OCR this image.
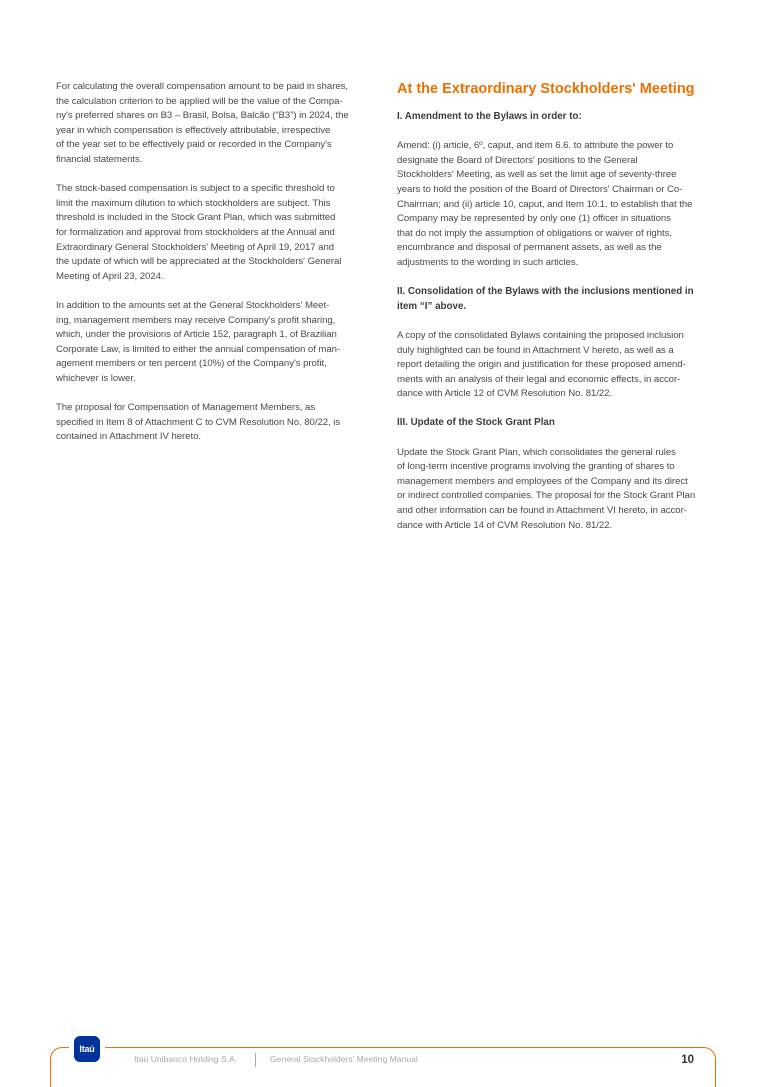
For calculating the overall compensation amount to be paid in shares,
the calculation criterion to be applied will be the value of the Compa-
ny's preferred shares on B3 – Brasil, Bolsa, Balcão (“B3”) in 2024, the
year in which compensation is effectively attributable, irrespective
of the year set to be effectively paid or recorded in the Company's
financial statements.

The stock-based compensation is subject to a specific threshold to
limit the maximum dilution to which stockholders are subject. This
threshold is included in the Stock Grant Plan, which was submitted
for formalization and approval from stockholders at the Annual and
Extraordinary General Stockholders' Meeting of April 19, 2017 and
the update of which will be appreciated at the Stockholders' General
Meeting of April 23, 2024.

In addition to the amounts set at the General Stockholders' Meet-
ing, management members may receive Company's profit sharing,
which, under the provisions of Article 152, paragraph 1, of Brazilian
Corporate Law, is limited to either the annual compensation of man-
agement members or ten percent (10%) of the Company's profit,
whichever is lower.

The proposal for Compensation of Management Members, as
specified in Item 8 of Attachment C to CVM Resolution No. 80/22, is
contained in Attachment IV hereto.

At the Extraordinary Stockholders' Meeting

I. Amendment to the Bylaws in order to:

Amend: (i) article, 6º, caput, and item 6.6. to attribute the power to
designate the Board of Directors' positions to the General
Stockholders' Meeting, as well as set the limit age of seventy-three
years to hold the position of the Board of Directors' Chairman or Co-
Chairman; and (ii) article 10, caput, and Item 10.1. to establish that the
Company may be represented by only one (1) officer in situations
that do not imply the assumption of obligations or waiver of rights,
encumbrance and disposal of permanent assets, as well as the
adjustments to the wording in such articles.

II. Consolidation of the Bylaws with the inclusions mentioned in
item “I” above.

A copy of the consolidated Bylaws containing the proposed inclusion
duly highlighted can be found in Attachment V hereto, as well as a
report detailing the origin and justification for these proposed amend-
ments with an analysis of their legal and economic effects, in accor-
dance with Article 12 of CVM Resolution No. 81/22.

III. Update of the Stock Grant Plan

Update the Stock Grant Plan, which consolidates the general rules
of long-term incentive programs involving the granting of shares to
management members and employees of the Company and its direct
or indirect controlled companies. The proposal for the Stock Grant Plan
and other information can be found in Attachment VI hereto, in accor-
dance with Article 14 of CVM Resolution No. 81/22.

Itaú
Itaú Unibanco Holding S.A.	General Stockholders' Meeting Manual	10
